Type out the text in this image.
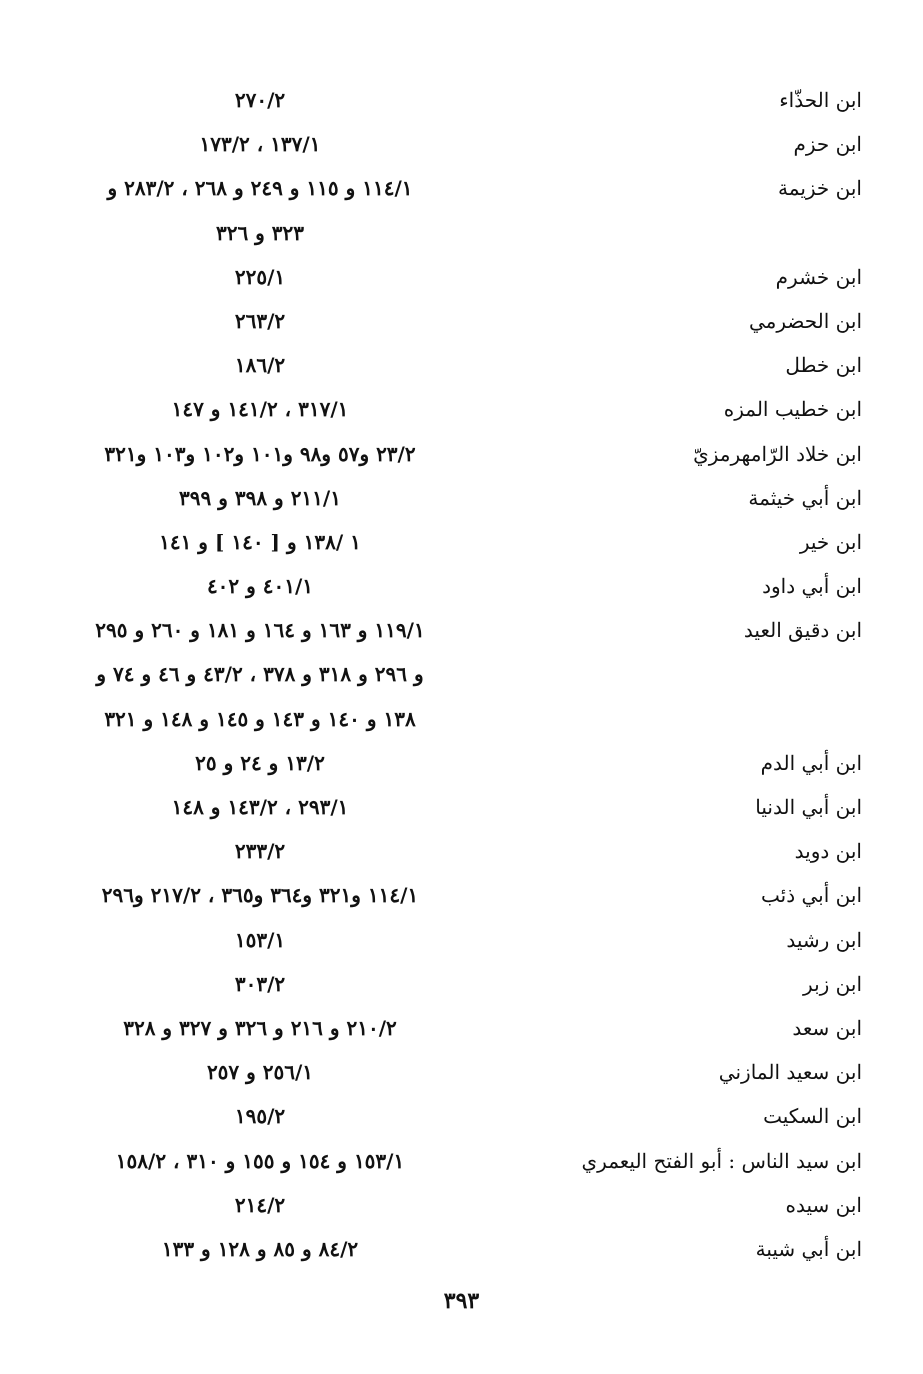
ابن الحذّاء
٢٧٠/٢
ابن حزم
١٣٧/١ ، ١٧٣/٢
ابن خزيمة
١١٤/١ و ١١٥ و ٢٤٩ و ٢٦٨ ، ٢٨٣/٢ و
٣٢٣ و ٣٢٦
ابن خشرم
٢٢٥/١
ابن الحضرمي
٢٦٣/٢
ابن خطل
١٨٦/٢
ابن خطيب المزه
٣١٧/١ ، ١٤١/٢ و ١٤٧
ابن خلاد الرّامهرمزيّ
٢٣/٢ و٥٧ و٩٨ و١٠١ و١٠٢ و١٠٣ و٣٢١
ابن أبي خيثمة
٢١١/١ و ٣٩٨ و ٣٩٩
ابن خير
١ /١٣٨ و [ ١٤٠ ] و ١٤١
ابن أبي داود
٤٠١/١ و ٤٠٢
ابن دقيق العيد
١١٩/١ و ١٦٣ و ١٦٤ و ١٨١ و ٢٦٠ و ٢٩٥
و ٢٩٦ و ٣١٨ و ٣٧٨ ، ٤٣/٢ و ٤٦ و ٧٤ و
١٣٨ و ١٤٠ و ١٤٣ و ١٤٥ و ١٤٨ و ٣٢١
ابن أبي الدم
١٣/٢ و ٢٤ و ٢٥
ابن أبي الدنيا
٢٩٣/١ ، ١٤٣/٢ و ١٤٨
ابن دويد
٢٣٣/٢
ابن أبي ذئب
١١٤/١ و٣٢١ و٣٦٤ و٣٦٥ ، ٢١٧/٢ و٢٩٦
ابن رشيد
١٥٣/١
ابن زبر
٣٠٣/٢
ابن سعد
٢١٠/٢ و ٢١٦ و ٣٢٦ و ٣٢٧ و ٣٢٨
ابن سعيد المازني
٢٥٦/١ و ٢٥٧
ابن السكيت
١٩٥/٢
ابن سيد الناس : أبو الفتح اليعمري
١٥٣/١ و ١٥٤ و ١٥٥ و ٣١٠ ، ١٥٨/٢
ابن سيده
٢١٤/٢
ابن أبي شيبة
٨٤/٢ و ٨٥ و ١٢٨ و ١٣٣
٣٩٣
